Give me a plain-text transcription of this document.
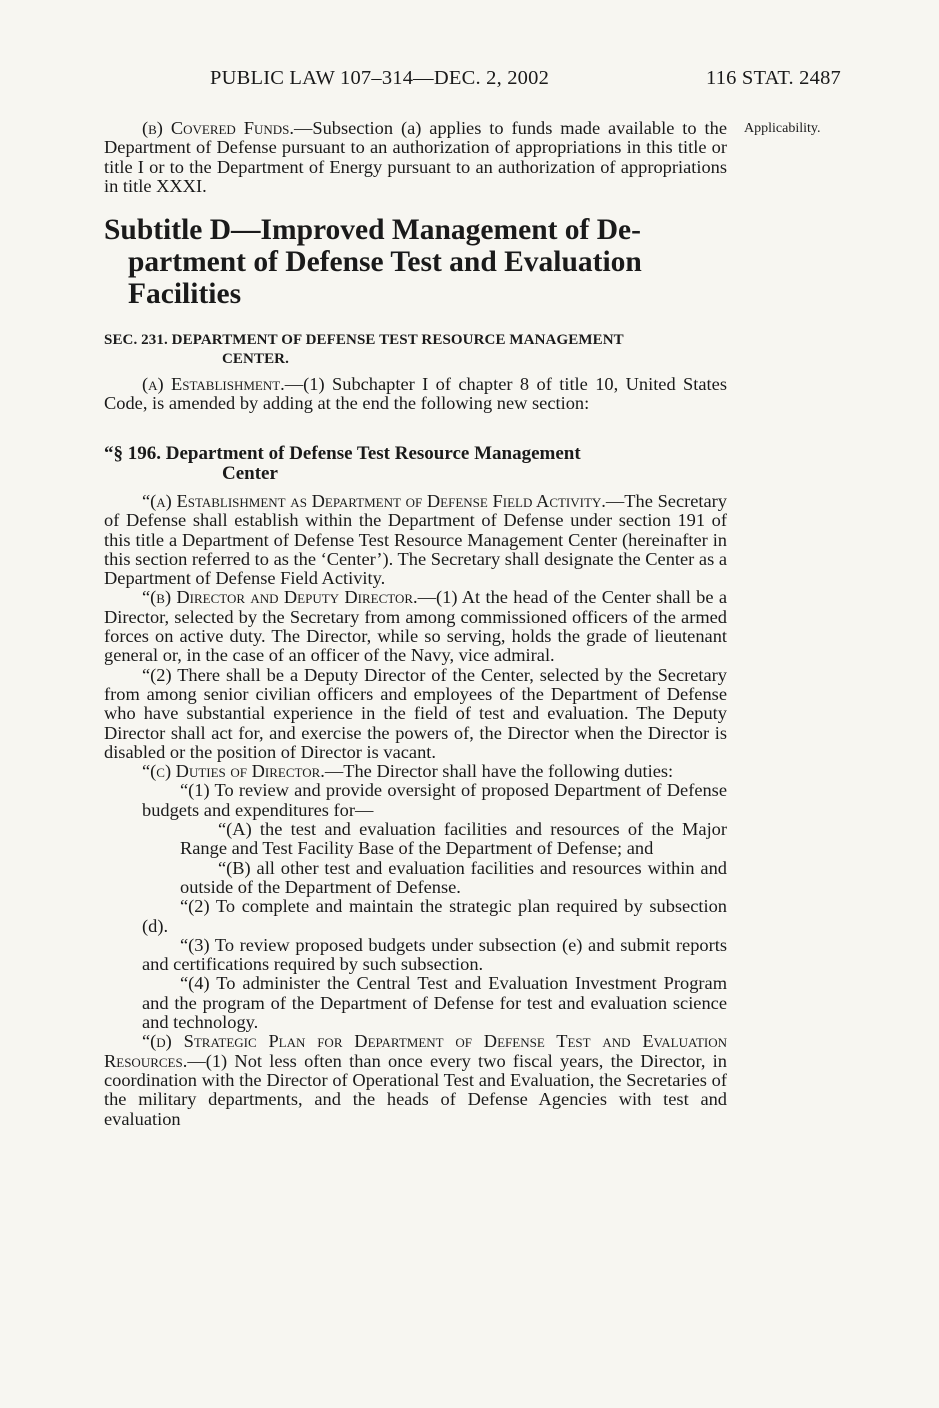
PUBLIC LAW 107–314—DEC. 2, 2002	116 STAT. 2487
Applicability.

(b) Covered Funds.—Subsection (a) applies to funds made available to the Department of Defense pursuant to an authorization of appropriations in this title or title I or to the Department of Energy pursuant to an authorization of appropriations in title XXXI.

Subtitle D—Improved Management of De-
partment of Defense Test and Evaluation
Facilities
SEC. 231. DEPARTMENT OF DEFENSE TEST RESOURCE MANAGEMENT
CENTER.

(a) Establishment.—(1) Subchapter I of chapter 8 of title 10, United States Code, is amended by adding at the end the following new section:

“§ 196. Department of Defense Test Resource Management
Center

“(a) Establishment as Department of Defense Field Activity.—The Secretary of Defense shall establish within the Department of Defense under section 191 of this title a Department of Defense Test Resource Management Center (hereinafter in this section referred to as the ‘Center’). The Secretary shall designate the Center as a Department of Defense Field Activity.

“(b) Director and Deputy Director.—(1) At the head of the Center shall be a Director, selected by the Secretary from among commissioned officers of the armed forces on active duty. The Director, while so serving, holds the grade of lieutenant general or, in the case of an officer of the Navy, vice admiral.

“(2) There shall be a Deputy Director of the Center, selected by the Secretary from among senior civilian officers and employees of the Department of Defense who have substantial experience in the field of test and evaluation. The Deputy Director shall act for, and exercise the powers of, the Director when the Director is disabled or the position of Director is vacant.

“(c) Duties of Director.—The Director shall have the following duties:

“(1) To review and provide oversight of proposed Department of Defense budgets and expenditures for—

“(A) the test and evaluation facilities and resources of the Major Range and Test Facility Base of the Department of Defense; and

“(B) all other test and evaluation facilities and resources within and outside of the Department of Defense.

“(2) To complete and maintain the strategic plan required by subsection (d).

“(3) To review proposed budgets under subsection (e) and submit reports and certifications required by such subsection.

“(4) To administer the Central Test and Evaluation Investment Program and the program of the Department of Defense for test and evaluation science and technology.

“(d) Strategic Plan for Department of Defense Test and Evaluation Resources.—(1) Not less often than once every two fiscal years, the Director, in coordination with the Director of Operational Test and Evaluation, the Secretaries of the military departments, and the heads of Defense Agencies with test and evaluation
